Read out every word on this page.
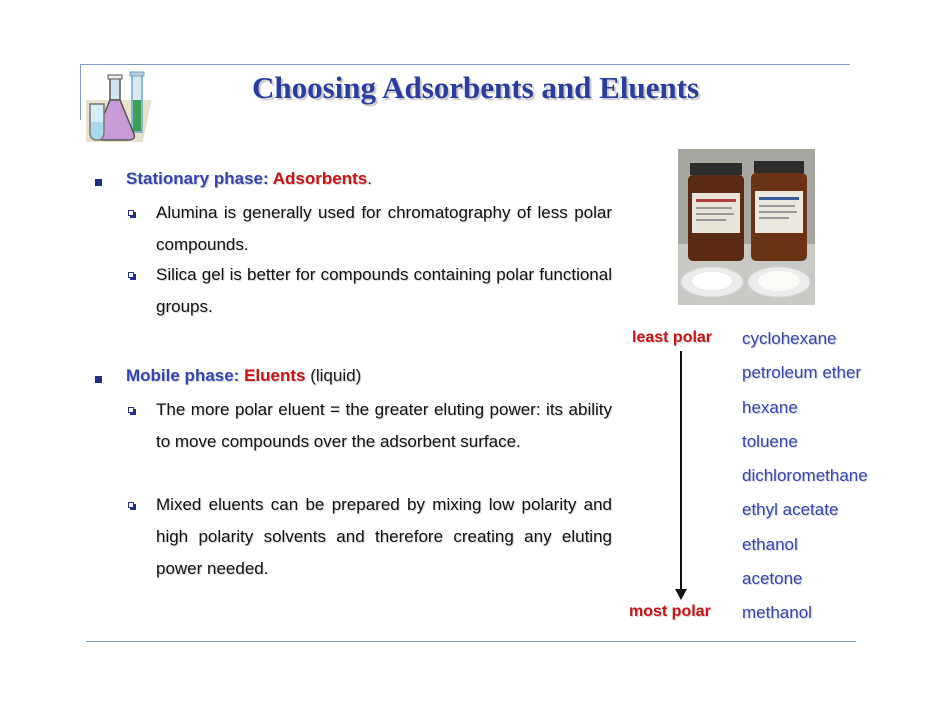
Choosing Adsorbents and Eluents
Stationary phase: Adsorbents.
Alumina is generally used for chromatography of less polar compounds.
Silica gel is better for compounds containing polar functional groups.
Mobile phase: Eluents (liquid)
The more polar eluent = the greater eluting power: its ability to move compounds over the adsorbent surface.
Mixed eluents can be prepared by mixing low polarity and high polarity solvents and therefore creating any eluting power needed.
least polar
most polar
cyclohexane
petroleum ether
hexane
toluene
dichloromethane
ethyl acetate
ethanol
acetone
methanol
